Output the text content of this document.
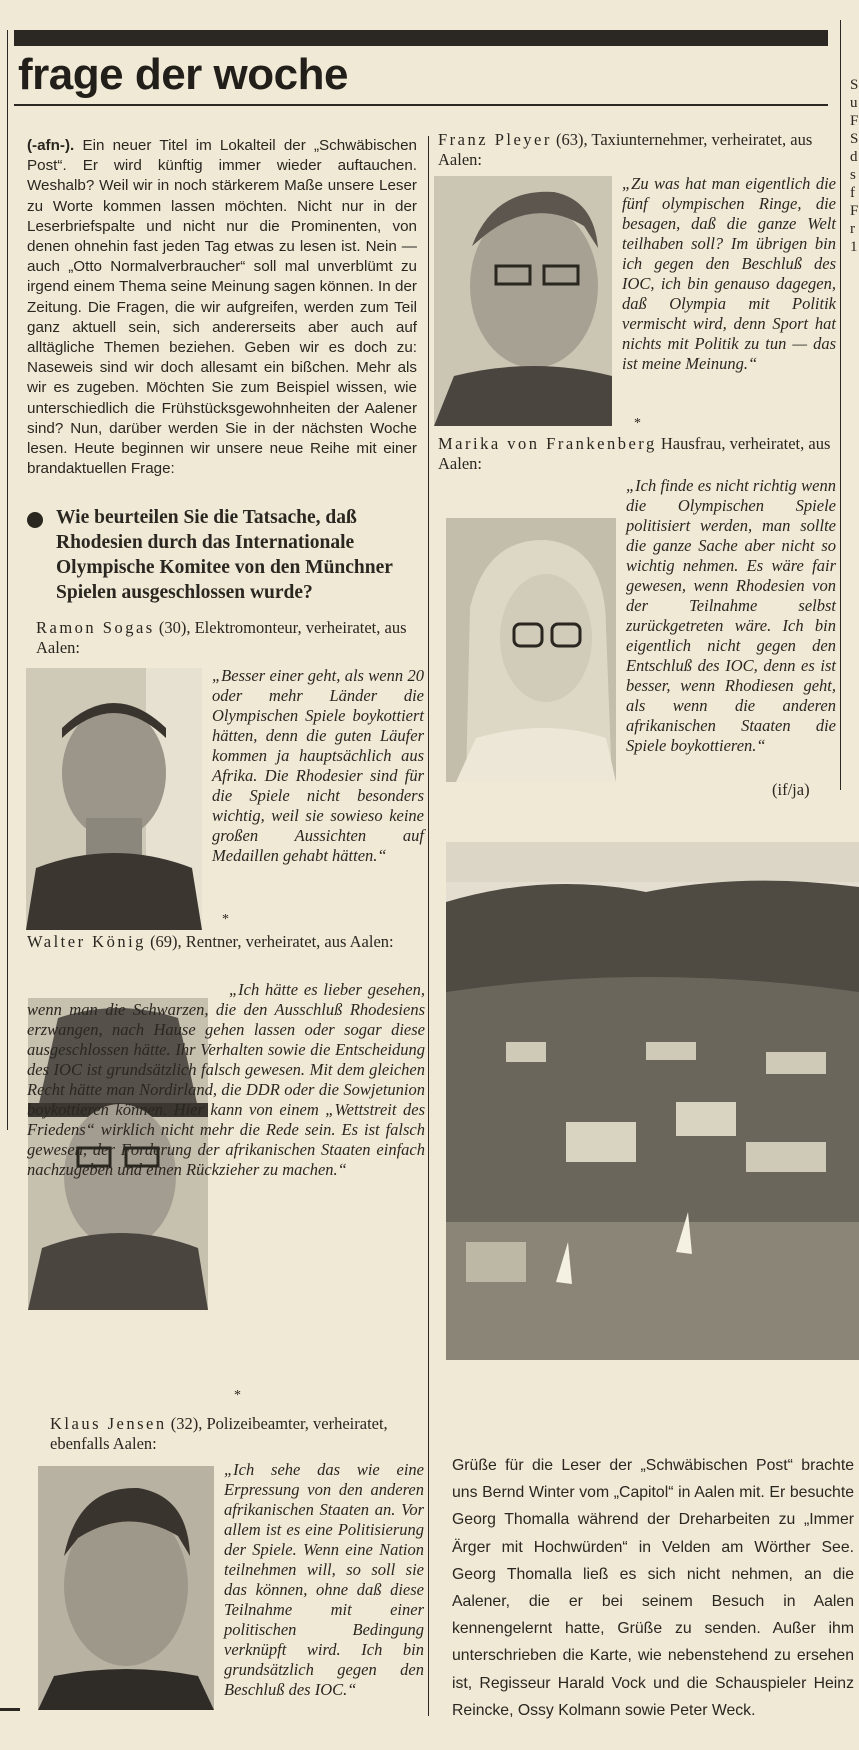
frage der woche
(-afn-). Ein neuer Titel im Lokalteil der „Schwäbischen Post“. Er wird künftig immer wieder auftauchen. Weshalb? Weil wir in noch stärkerem Maße unsere Leser zu Worte kommen lassen möchten. Nicht nur in der Leserbriefspalte und nicht nur die Prominenten, von denen ohnehin fast jeden Tag etwas zu lesen ist. Nein — auch „Otto Normalverbraucher“ soll mal unverblümt zu irgend einem Thema seine Meinung sagen können. In der Zeitung. Die Fragen, die wir aufgreifen, werden zum Teil ganz aktuell sein, sich andererseits aber auch auf alltägliche Themen beziehen. Geben wir es doch zu: Naseweis sind wir doch allesamt ein bißchen. Mehr als wir es zugeben. Möchten Sie zum Beispiel wissen, wie unterschiedlich die Frühstücksgewohnheiten der Aalener sind? Nun, darüber werden Sie in der nächsten Woche lesen. Heute beginnen wir unsere neue Reihe mit einer brandaktuellen Frage:
Wie beurteilen Sie die Tatsache, daß Rhodesien durch das Internationale Olympische Komitee von den Münchner Spielen ausgeschlossen wurde?
Ramon Sogas (30), Elektromonteur, verheiratet, aus Aalen:
„Besser einer geht, als wenn 20 oder mehr Länder die Olympischen Spiele boykottiert hätten, denn die guten Läufer kommen ja hauptsächlich aus Afrika. Die Rhodesier sind für die Spiele nicht besonders wichtig, weil sie sowieso keine großen Aussichten auf Medaillen gehabt hätten.“
*
Walter König (69), Rentner, verheiratet, aus Aalen:
„Ich hätte es lieber gesehen, wenn man die Schwarzen, die den Ausschluß Rhodesiens erzwangen, nach Hause gehen lassen oder sogar diese ausgeschlossen hätte. Ihr Verhalten sowie die Entscheidung des IOC ist grundsätzlich falsch gewesen. Mit dem gleichen Recht hätte man Nordirland, die DDR oder die Sowjetunion boykottieren können. Hier kann von einem „Wettstreit des Friedens“ wirklich nicht mehr die Rede sein. Es ist falsch gewesen, der Forderung der afrikanischen Staaten einfach nachzugeben und einen Rückzieher zu machen.“
*
Klaus Jensen (32), Polizeibeamter, verheiratet, ebenfalls Aalen:
„Ich sehe das wie eine Erpressung von den anderen afrikanischen Staaten an. Vor allem ist es eine Politisierung der Spiele. Wenn eine Nation teilnehmen will, so soll sie das können, ohne daß diese Teilnahme mit einer politischen Bedingung verknüpft wird. Ich bin grundsätzlich gegen den Beschluß des IOC.“
Franz Pleyer (63), Taxiunternehmer, verheiratet, aus Aalen:
„Zu was hat man eigentlich die fünf olympischen Ringe, die besagen, daß die ganze Welt teilhaben soll? Im übrigen bin ich gegen den Beschluß des IOC, ich bin genauso dagegen, daß Olympia mit Politik vermischt wird, denn Sport hat nichts mit Politik zu tun — das ist meine Meinung.“
*
Marika von Frankenberg Hausfrau, verheiratet, aus Aalen:
„Ich finde es nicht richtig wenn die Olympischen Spiele politisiert werden, man sollte die ganze Sache aber nicht so wichtig nehmen. Es wäre fair gewesen, wenn Rhodesien von der Teilnahme selbst zurückgetreten wäre. Ich bin eigentlich nicht gegen den Entschluß des IOC, denn es ist besser, wenn Rhodiesen geht, als wenn die anderen afrikanischen Staaten die Spiele boykottieren.“
(if/ja)
Grüße für die Leser der „Schwäbischen Post“ brachte uns Bernd Winter vom „Capitol“ in Aalen mit. Er besuchte Georg Thomalla während der Dreharbeiten zu „Immer Ärger mit Hochwürden“ in Velden am Wörther See. Georg Thomalla ließ es sich nicht nehmen, an die Aalener, die er bei seinem Besuch in Aalen kennengelernt hatte, Grüße zu senden. Außer ihm unterschrieben die Karte, wie nebenstehend zu ersehen ist, Regisseur Harald Vock und die Schauspieler Heinz Reincke, Ossy Kolmann sowie Peter Weck.
S
u
F
S
d
s
f
F
r
1
